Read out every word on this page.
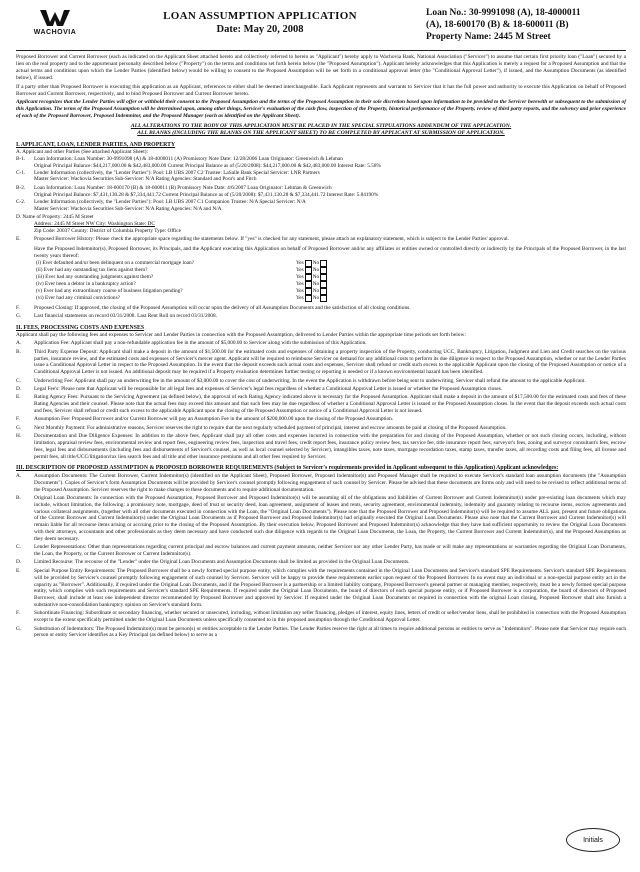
WACHOVIA
LOAN ASSUMPTION APPLICATION
Date: May 20, 2008
Loan No.: 30-9991098 (A), 18-4000011
(A), 18-600170 (B) & 18-600011 (B)
Property Name: 2445 M Street

Proposed Borrower and Current Borrower (each as indicated on the Applicant Sheet attached hereto and collectively referred to herein as "Applicant") hereby apply to Wachovia Bank, National Association ("Servicer") to assume that certain first priority loan ("Loan") secured by a lien on the real property and to the appurtenant personalty described below ("Property") on the terms and conditions set forth herein below (the "Proposed Assumption"). Applicant hereby acknowledges that this Application is merely a request for a Proposed Assumption and that the actual terms and conditions upon which the Lender Parties (identified below) would be willing to consent to the Proposed Assumption will be set forth in a conditional approval letter (the "Conditional Approval Letter"), if issued, and the Assumption Documents (as identified below), if issued.

If a party other than Proposed Borrower is executing this application as an Applicant, references to either shall be deemed interchangeable. Each Applicant represents and warrants to Servicer that it has the full power and authority to execute this Application on behalf of Proposed Borrower and Current Borrower, respectively, and to bind Proposed Borrower and Current Borrower hereto.

Applicant recognizes that the Lender Parties will offer or withhold their consent to the Proposed Assumption and the terms of the Proposed Assumption in their sole discretion based upon information to be provided to the Servicer herewith or subsequent to the submission of this Application. The terms of the Proposed Assumption will be determined upon, among other things, Servicer's evaluation of the cash flow, inspection of the Property, historical performance of the Property, review of third party reports, and the solvency and prior experience of each of the Proposed Borrower, Proposed Indemnitor, and the Proposed Manager (each as identified on the Applicant Sheet).

ALL ALTERATIONS TO THE BODY OF THIS APPLICATION MUST BE PLACED IN THE SPECIAL STIPULATIONS ADDENDUM OF THE APPLICATION.
ALL BLANKS (INCLUDING THE BLANKS ON THE APPLICANT SHEET) TO BE COMPLETED BY APPLICANT AT SUBMISSION OF APPLICATION.
I. APPLICANT, LOAN, LENDER PARTIES, AND PROPERTY
A. Applicant and other Parties (See attached Applicant Sheet):
B-1.	Loan Information: Loan Number: 30-9991098 (A) & 18-4000011 (A) Promissory Note Date: 12/28/2006 Loan Originator: Greenwich & Lehman
Original Principal Balance: $44,217,000.00 & $42,483,000.00 Current Principal Balance as of (5/20/2008): $44,217,000.00 & $42,483,000.00 Interest Rate: 5.58%
C-1.	Lender Information (collectively, the "Lender Parties"): Pool: LB UBS 2007 C2 Trustee: LaSalle Bank Special Servicer: LNR Partners
Master Servicer: Wachovia Securities Sub-Servicer: N/A Rating Agencies: Standard and Poor's and Fitch
B-2.	Loan Information: Loan Number: 18-600170 (B) & 18-600011 (B) Promissory Note Date: 4/6/2007 Loan Originator: Lehman & Greenwich
Original Principal Balance: $7,431,130.28 & $7,334,441.72 Current Principal Balance as of (5/20/2008): $7,431,130.28 & $7,334,441.72 Interest Rate: 5.84190%
C-2.	Lender Information (collectively, the "Lender Parties"): Pool: LB UBS 2007 C1 Companion Trustee: N/A Special Servicer: N/A
Master Servicer: Wachovia Securities Sub-Servicer: N/A Rating Agencies: N/A and N/A
D. Name of Property: 2445 M Street
Address: 2445 M Street NW City: Washington State: DC
Zip Code: 20037 County: District of Columbia Property Type: Office
E.	Proposed Borrower History: Please check the appropriate space regarding the statements below. If "yes" is checked for any statement, please attach an explanatory statement, which is subject to the Lender Parties' approval.
Have the Proposed Indemnitor(s), Proposed Borrower, its Principals, and the Applicant executing this Application on behalf of Proposed Borrower and/or any affiliates or entities owned or controlled directly or indirectly by the Principals of the Proposed Borrower, in the last twenty years thereof:
(i) Ever defaulted and/or been delinquent on a commercial mortgage loan?	Yes No
(ii) Ever had any outstanding tax liens against them?	Yes No
(iii) Ever had any outstanding judgments against them?	Yes No
(iv) Ever been a debtor in a bankruptcy action?	Yes No
(v) Ever had any extraordinary course of business litigation pending?	Yes No
(vi) Ever had any criminal convictions?	Yes No
F.	Proposed Closing: If approved, the closing of the Proposed Assumption will occur upon the delivery of all Assumption Documents and the satisfaction of all closing conditions.
G.	Last financial statements on record 03/31/2008. Last Rent Roll on record 03/31/2008.
II. FEES, PROCESSING COSTS AND EXPENSES

Applicant shall pay the following fees and expenses to Servicer and Lender Parties in connection with the Proposed Assumption, delivered to Lender Parties within the appropriate time periods set forth below:

A.	Application Fee: Applicant shall pay a non-refundable application fee in the amount of $5,000.00 to Servicer along with the submission of this Application.
B.	Third Party Expense Deposit: Applicant shall make a deposit in the amount of $1,500.00 for the estimated costs and expenses of obtaining a property inspection of the Property, conducting UCC, Bankruptcy, Litigation, Judgment and Lien and Credit searches on the various parties, insurance review, and the estimated costs and expenses of Servicer's mercer agent. Applicant will be required to reimburse Servicer on demand for any additional costs to perform its due diligence in respect to the Proposed Assumption, whether or not the Lender Parties issue a Conditional Approval Letter in respect to the Proposed Assumption. In the event that the deposit exceeds such actual costs and expenses, Servicer shall refund or credit such excess to the applicable Applicant upon the closing of the Proposed Assumption or notice of a Conditional Approval Letter is not issued. An additional deposit may be required if a Property evaluation determines further testing or reporting is needed or if a known environmental hazard has been identified.
C.	Underwriting Fee: Applicant shall pay an underwriting fee in the amount of $3,000.00 to cover the cost of underwriting. In the event the Application is withdrawn before being sent to underwriting, Servicer shall refund the amount to the applicable Applicant.
D.	Legal Fee's: Please note that Applicant will be responsible for all legal fees and expenses of Servicer's legal fees regardless of whether a Conditional Approval Letter is issued or whether the Proposed Assumption closes.
E.	Rating Agency Fees: Pursuant to the Servicing Agreement (as defined below), the approval of each Rating Agency indicated above is necessary for the Proposed Assumption. Applicant shall make a deposit in the amount of $17,500.00 for the estimated costs and fees of these Rating Agencies and their counsel. Please note that the actual fees may exceed this amount and that such fees may be due regardless of whether a Conditional Approval Letter is issued or the Proposed Assumption closes. In the event that the deposit exceeds such actual costs and fees, Servicer shall refund or credit such excess to the applicable Applicant upon the closing of the Proposed Assumption or notice of a Conditional Approval Letter is not issued.
F.	Assumption Fee: Proposed Borrower and/or Current Borrower will pay an Assumption Fee in the amount of $200,000.00 upon the closing of the Proposed Assumption.
G.	Next Monthly Payment: For administrative reasons, Servicer reserves the right to require that the next regularly scheduled payment of principal, interest and escrow amounts be paid at closing of the Proposed Assumption.
H.	Documentation and Due Diligence Expenses: In addition to the above fees, Applicant shall pay all other costs and expenses incurred in connection with the preparation for and closing of the Proposed Assumption, whether or not such closing occurs, including, without limitation, appraisal review fees, environmental review and report fees, engineering review fees, inspection and travel fees, credit report fees, insurance policy review fees, tax service fee, title insurance report fees, surveyor's fees, zoning and surveyor consultant's fees, escrow fees, legal fees and disbursements (including fees and disbursements of Servicer's counsel, as well as local counsel selected by Servicer), intangibles taxes, note taxes, mortgage recordation taxes, stamp taxes, transfer taxes, all recording costs and filing fees, all license and permit fees, all title/UCC/litigation/tax lien search fees and all title and other insurance premiums and all other fees required by Servicer.
III. DESCRIPTION OF PROPOSED ASSUMPTION & PROPOSED BORROWER REQUIREMENTS (Subject to Servicer's requirements provided in Applicant subsequent to this Application) Applicant acknowledges:
A.	Assumption Documents: The Current Borrower, Current Indemnitor(s) (identified on the Applicant Sheet), Proposed Borrower, Proposed Indemnitor(s) and Proposed Manager shall be required to execute Servicer's standard loan assumption documents (the "Assumption Documents"). Copies of Servicer's form Assumption Documents will be provided by Servicer's counsel promptly following engagement of such counsel by Servicer. Please be advised that these documents are forms only and will need to be revised to reflect additional terms of the Proposed Assumption. Servicer reserves the right to make changes to these documents and to require additional documentation.
B.	Original Loan Documents: In connection with the Proposed Assumption, Proposed Borrower and Proposed Indemnitor(s) will be assuming all of the obligations and liabilities of Current Borrower and Current Indemnitor(s) under pre-existing loan documents which may include, without limitation, the following: a promissory note, mortgage, deed of trust or security deed, loan agreement, assignment of leases and rents, security agreement, environmental indemnity, indemnity and guaranty relating to recourse items, escrow agreements and various collateral assignments, (together with all other documents executed in connection with the Loan, the "Original Loan Documents"). Please note that the Proposed Borrower and Proposed Indemnitor(s) will be required to assume ALL past, present and future obligations of the Current Borrower and Current Indemnitor(s) under the Original Loan Documents as if Proposed Borrower and Proposed Indemnitor(s) had originally executed the Original Loan Documents. Please also note that the Current Borrower and Current Indemnitor(s) will remain liable for all recourse items arising or accruing prior to the closing of the Proposed Assumption. By their execution below, Proposed Borrower and Proposed Indemnitor(s) acknowledge that they have had sufficient opportunity to review the Original Loan Documents with their attorneys, accountants and other professionals as they deem necessary and have conducted such due diligence with regards to the Original Loan Documents, the Loan, the Property, the Current Borrower and Current Indemnitor(s), and the Proposed Assumption as they deem necessary.
C.	Lender Representations: Other than representations regarding current principal and escrow balances and current payment amounts, neither Servicer nor any other Lender Party, has made or will make any representations or warranties regarding the Original Loan Documents, the Loan, the Property, or the Current Borrower or Current Indemnitor(s).
D.	Limited Recourse: The recourse of the "Lender" under the Original Loan Documents and Assumption Documents shall be limited as provided in the Original Loan Documents.
E.	Special Purpose Entity Requirements: The Proposed Borrower shall be a newly formed special purpose entity, which complies with the requirements contained in the Original Loan Documents and Servicer's standard SPE Requirements. Servicer's standard SPE Requirements will be provided by Servicer's counsel promptly following engagement of such counsel by Servicer. Servicer will be happy to provide these requirements earlier upon request of the Proposed Borrower. In no event may an individual or a non-special purpose entity act in the capacity as "Borrower". Additionally, if required under the Original Loan Documents, and if the Proposed Borrower is a partnership or a limited liability company, Proposed Borrower's general partner or managing member, respectively, must be a newly formed special purpose entity, which complies with such requirements and Servicer's standard SPE Requirements. If required under the Original Loan Documents, the board of directors of each special purpose entity, or if Proposed Borrower is a corporation, the board of directors of Proposed Borrower, shall include at least one independent director recommended by Proposed Borrower and approved by Servicer. If required under the Original Loan Documents or required in connection with the original Loan closing, Proposed Borrower shall also furnish a substantive non-consolidation bankruptcy opinion on Servicer's standard form.
F.	Subordinate Financing: Subordinate or secondary financing, whether secured or unsecured, including, without limitation any seller financing, pledges of interest, equity lines, letters of credit or seller/vendor liens, shall be prohibited in connection with the Proposed Assumption except to the extent specifically permitted under the Original Loan Documents unless specifically consented to in this proposed assumption through the Conditional Approval Letter.
G.	Substitution of Indemnitors: The Proposed Indemnitor(s) must be person(s) or entities acceptable to the Lender Parties. The Lender Parties reserve the right at all times to require additional persons or entities to serve as "Indemnitors". Please note that Servicer may require each person or entity Servicer identifies as a Key Principal (as defined below) to serve as a
Initials
